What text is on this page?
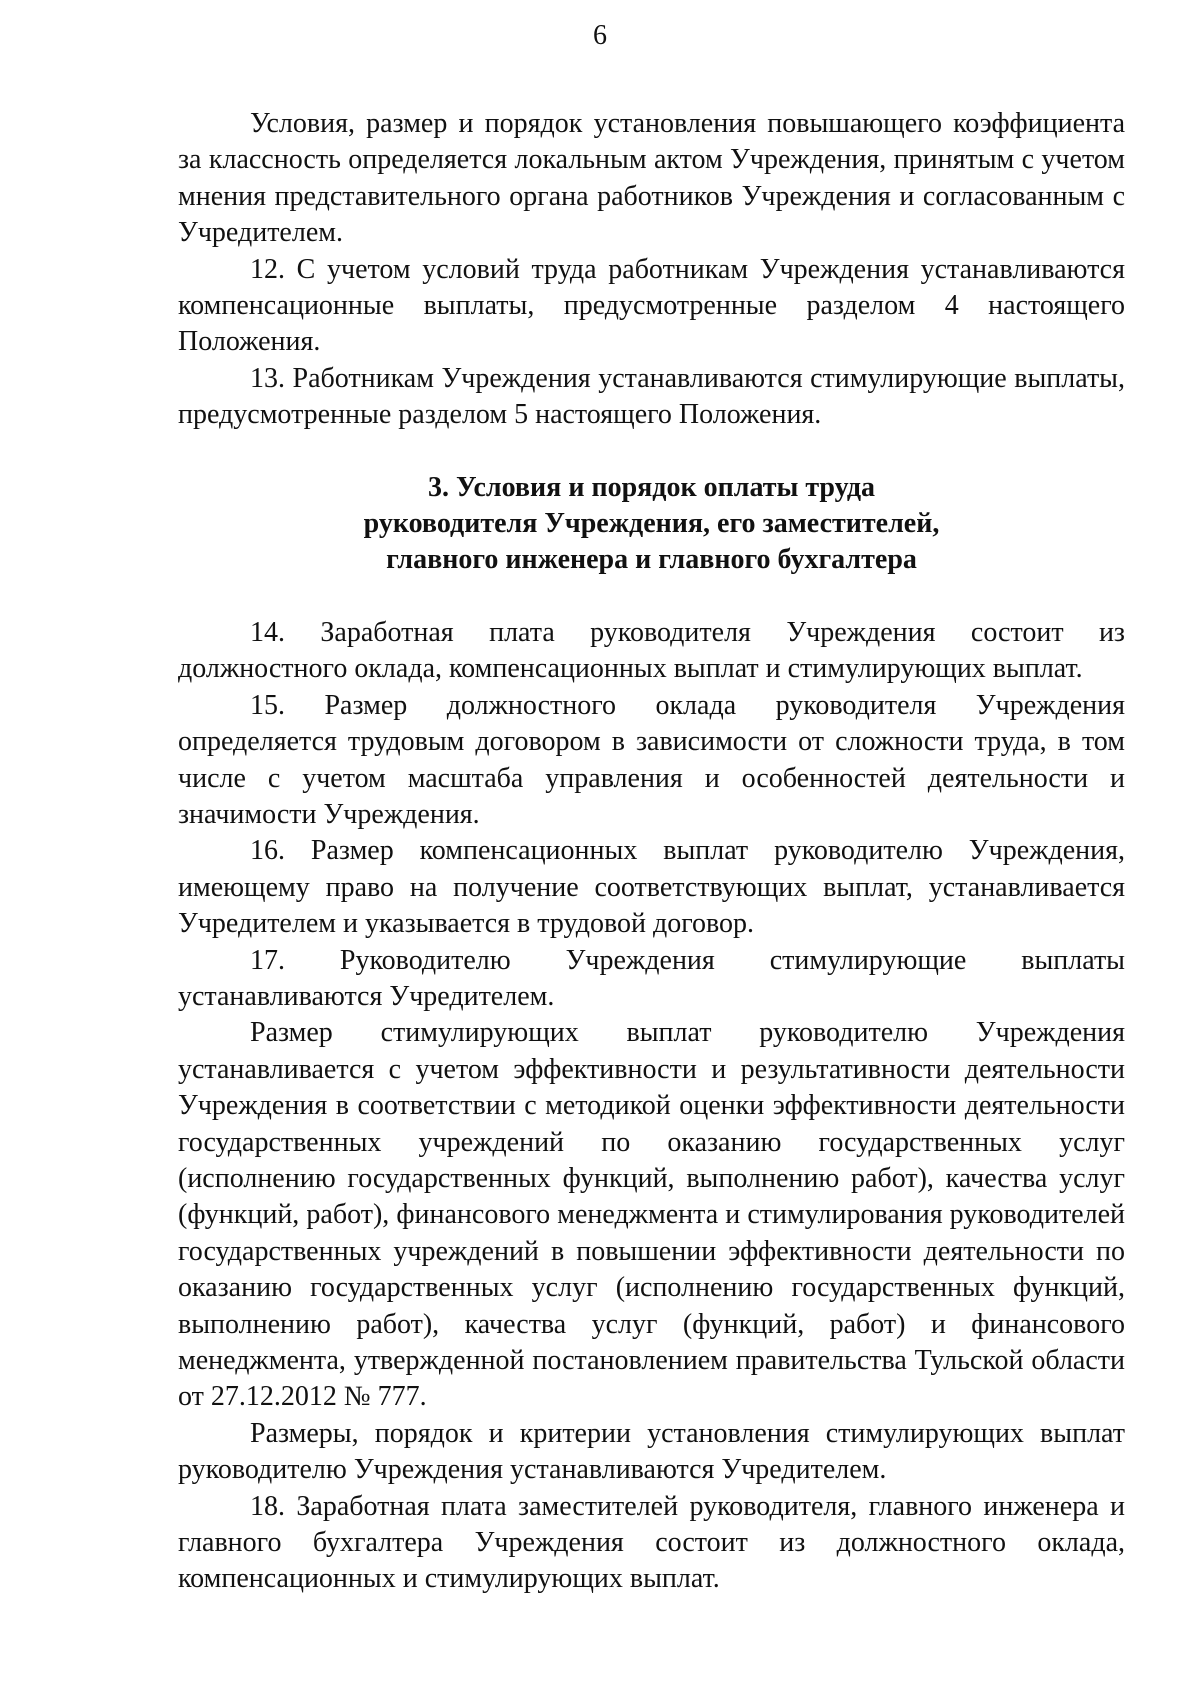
6

Условия, размер и порядок установления повышающего коэффициента за классность определяется локальным актом Учреждения, принятым с учетом мнения представительного органа работников Учреждения и согласованным с Учредителем.

12. С учетом условий труда работникам Учреждения устанавливаются компенсационные выплаты, предусмотренные разделом 4 настоящего Положения.

13. Работникам Учреждения устанавливаются стимулирующие выплаты, предусмотренные разделом 5 настоящего Положения.

3. Условия и порядок оплаты труда
руководителя Учреждения, его заместителей,
главного инженера и главного бухгалтера

14. Заработная плата руководителя Учреждения состоит из должностного оклада, компенсационных выплат и стимулирующих выплат.

15. Размер должностного оклада руководителя Учреждения определяется трудовым договором в зависимости от сложности труда, в том числе с учетом масштаба управления и особенностей деятельности и значимости Учреждения.

16. Размер компенсационных выплат руководителю Учреждения, имеющему право на получение соответствующих выплат, устанавливается Учредителем и указывается в трудовой договор.

17. Руководителю Учреждения стимулирующие выплаты устанавливаются Учредителем.

Размер стимулирующих выплат руководителю Учреждения устанавливается с учетом эффективности и результативности деятельности Учреждения в соответствии с методикой оценки эффективности деятельности государственных учреждений по оказанию государственных услуг (исполнению государственных функций, выполнению работ), качества услуг (функций, работ), финансового менеджмента и стимулирования руководителей государственных учреждений в повышении эффективности деятельности по оказанию государственных услуг (исполнению государственных функций, выполнению работ), качества услуг (функций, работ) и финансового менеджмента, утвержденной постановлением правительства Тульской области от 27.12.2012 № 777.

Размеры, порядок и критерии установления стимулирующих выплат руководителю Учреждения устанавливаются Учредителем.

18. Заработная плата заместителей руководителя, главного инженера и главного бухгалтера Учреждения состоит из должностного оклада, компенсационных и стимулирующих выплат.
